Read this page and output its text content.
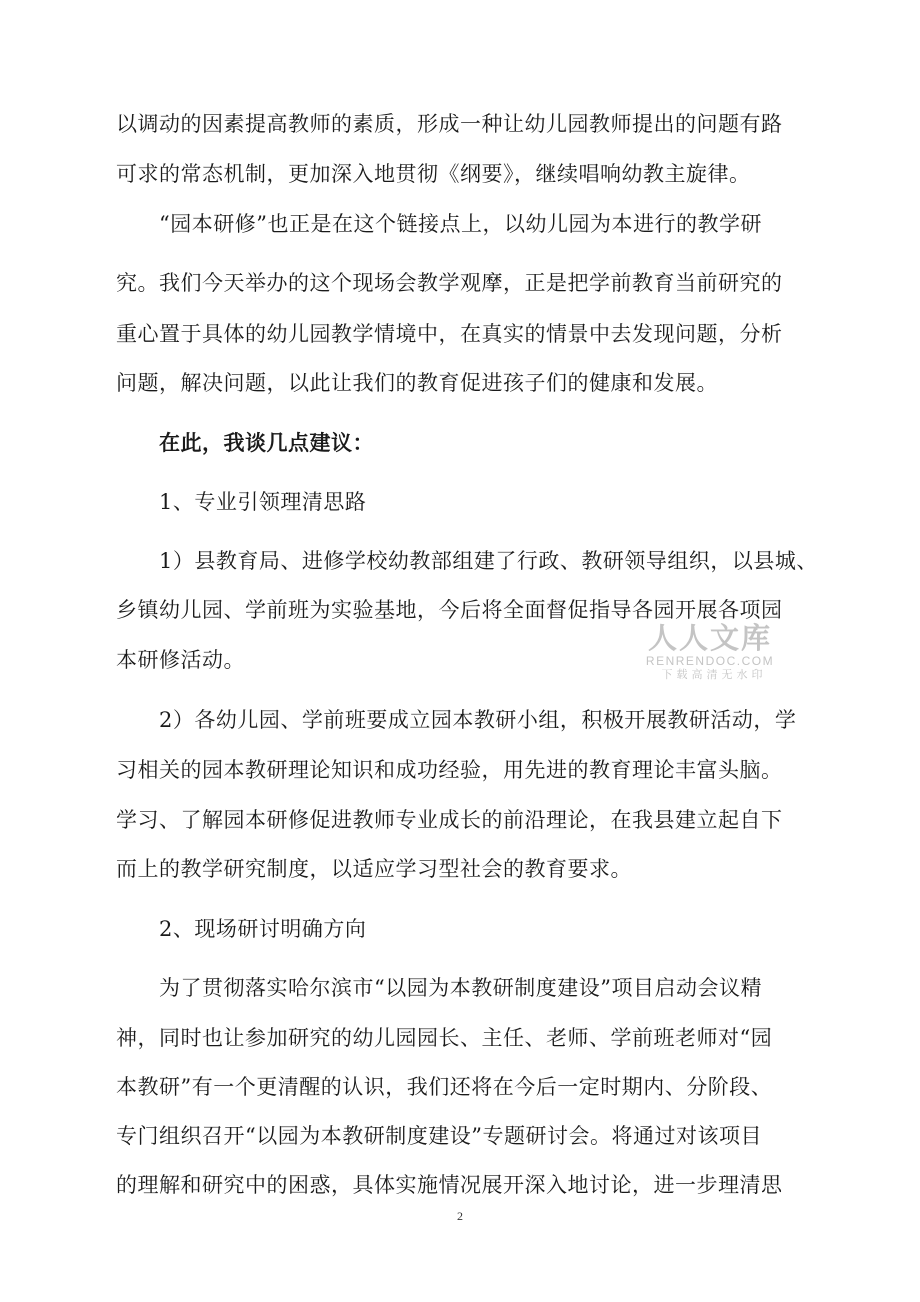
以调动的因素提高教师的素质，形成一种让幼儿园教师提出的问题有路
可求的常态机制，更加深入地贯彻《纲要》，继续唱响幼教主旋律。
“园本研修”也正是在这个链接点上，以幼儿园为本进行的教学研
究。我们今天举办的这个现场会教学观摩，正是把学前教育当前研究的
重心置于具体的幼儿园教学情境中，在真实的情景中去发现问题，分析
问题，解决问题，以此让我们的教育促进孩子们的健康和发展。
在此，我谈几点建议：
1、专业引领理清思路
1）县教育局、进修学校幼教部组建了行政、教研领导组织，以县城、
乡镇幼儿园、学前班为实验基地，今后将全面督促指导各园开展各项园
本研修活动。
2）各幼儿园、学前班要成立园本教研小组，积极开展教研活动，学
习相关的园本教研理论知识和成功经验，用先进的教育理论丰富头脑。
学习、了解园本研修促进教师专业成长的前沿理论，在我县建立起自下
而上的教学研究制度，以适应学习型社会的教育要求。
2、现场研讨明确方向
为了贯彻落实哈尔滨市“以园为本教研制度建设”项目启动会议精
神，同时也让参加研究的幼儿园园长、主任、老师、学前班老师对“园
本教研”有一个更清醒的认识，我们还将在今后一定时期内、分阶段、
专门组织召开“以园为本教研制度建设”专题研讨会。将通过对该项目
的理解和研究中的困惑，具体实施情况展开深入地讨论，进一步理清思
人人文库
RENRENDOC.COM
下载高清无水印
2
